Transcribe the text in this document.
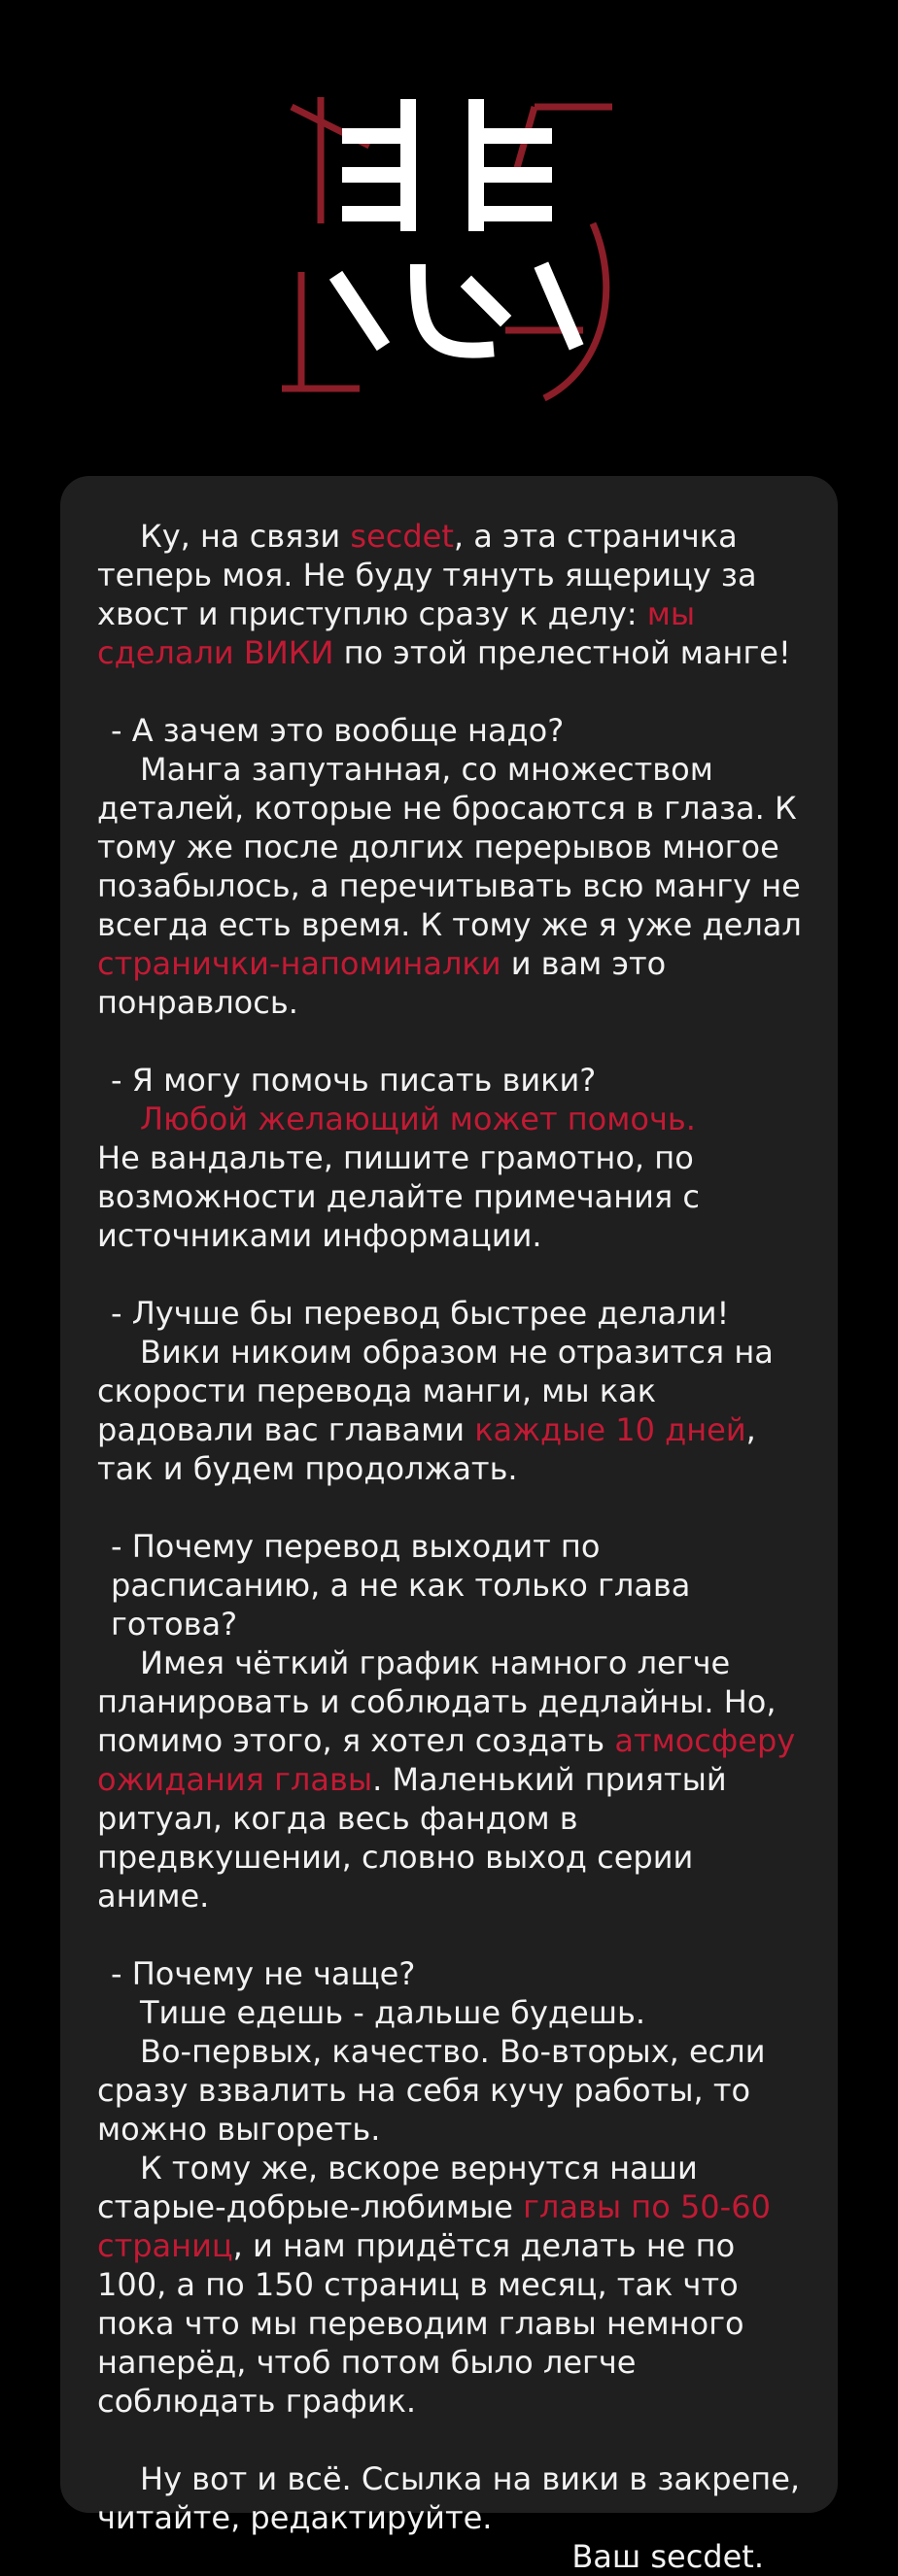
Ку, на связи secdet, а эта страничка теперь моя. Не буду тянуть ящерицу за хвост и приступлю сразу к делу: мы сделали ВИКИ по этой прелестной манге!

- А зачем это вообще надо?

Манга запутанная, со множеством деталей, которые не бросаются в глаза. К тому же после долгих перерывов многое позабылось, а перечитывать всю мангу не всегда есть время. К тому же я уже делал странички-напоминалки и вам это понравлось.

- Я могу помочь писать вики?

Любой желающий может помочь.

Не вандальте, пишите грамотно, по возможности делайте примечания с источниками информации.

- Лучше бы перевод быстрее делали!

Вики никоим образом не отразится на скорости перевода манги, мы как радовали вас главами каждые 10 дней, так и будем продолжать.

- Почему перевод выходит по расписанию, а не как только глава готова?

Имея чёткий график намного легче планировать и соблюдать дедлайны. Но, помимо этого, я хотел создать атмосферу ожидания главы. Маленький приятый ритуал, когда весь фандом в предвкушении, словно выход серии аниме.

- Почему не чаще?

Тише едешь - дальше будешь.

Во-первых, качество. Во-вторых, если сразу взвалить на себя кучу работы, то можно выгореть.

К тому же, вскоре вернутся наши старые-добрые-любимые главы по 50-60 страниц, и нам придётся делать не по 100, а по 150 страниц в месяц, так что пока что мы переводим главы немного наперёд, чтоб потом было легче соблюдать график.

Ну вот и всё. Ссылка на вики в закрепе, читайте, редактируйте.

Ваш secdet.
